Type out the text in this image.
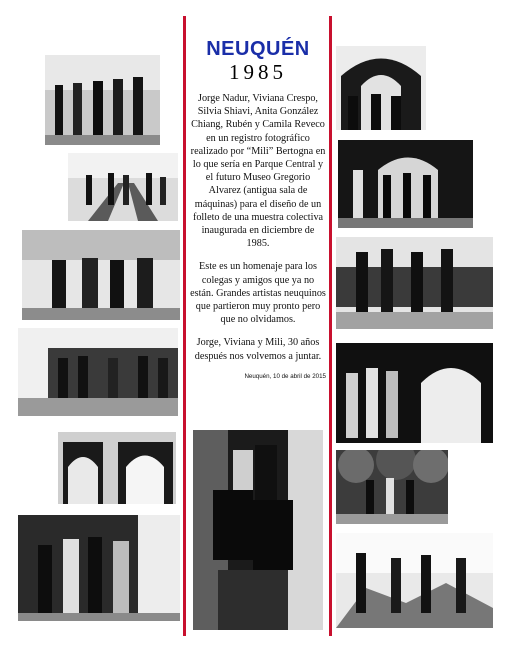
NEUQUÉN
1985

Jorge Nadur, Viviana Crespo, Silvia Shiavi, Anita González Chiang, Rubén y Camila Reveco en un registro fotográfico realizado por “Mili” Bertogna en lo que sería en Parque Central y el futuro Museo Gregorio Alvarez (antigua sala de máquinas) para el diseño de un folleto de una muestra colectiva inaugurada en diciembre de 1985.

Este es un homenaje para los colegas y amigos que ya no están. Grandes artistas neuquinos que partieron muy pronto pero que no olvidamos.

Jorge, Viviana y Mili, 30 años después nos volvemos a juntar.

Neuquén, 10 de abril de 2015
